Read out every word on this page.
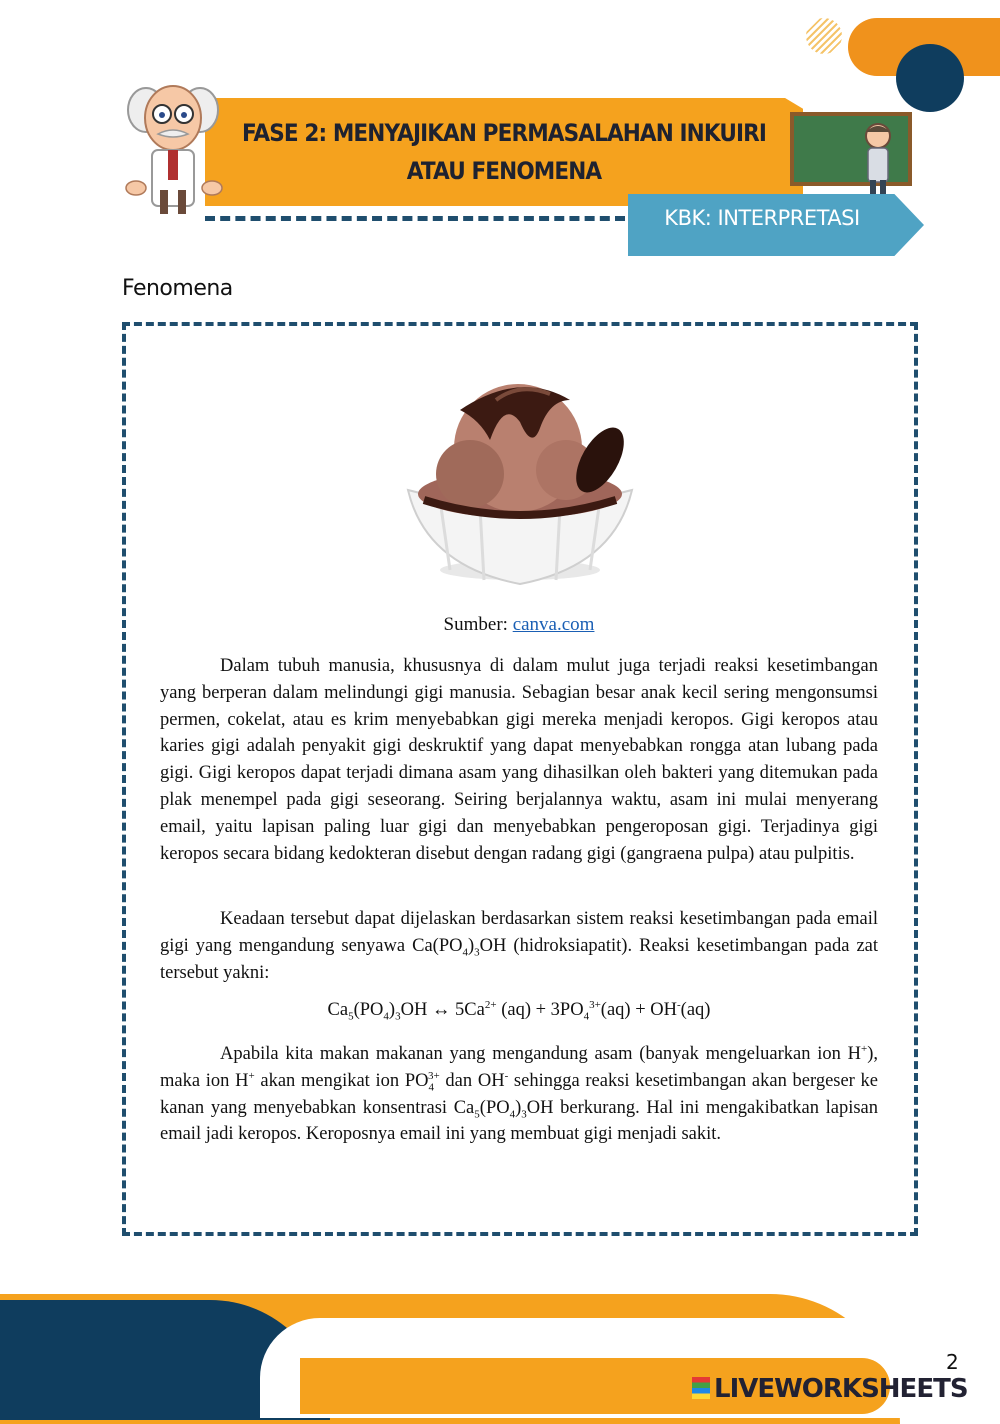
FASE 2: MENYAJIKAN PERMASALAHAN INKUIRI
ATAU FENOMENA
KBK: INTERPRETASI
Fenomena
Sumber: canva.com

Dalam tubuh manusia, khususnya di dalam mulut juga terjadi reaksi kesetimbangan yang berperan dalam melindungi gigi manusia. Sebagian besar anak kecil sering mengonsumsi permen, cokelat, atau es krim menyebabkan gigi mereka menjadi keropos. Gigi keropos atau karies gigi adalah penyakit gigi deskruktif yang dapat menyebabkan rongga atan lubang pada gigi. Gigi keropos dapat terjadi dimana asam yang dihasilkan oleh bakteri yang ditemukan pada plak menempel pada gigi seseorang. Seiring berjalannya waktu, asam ini mulai menyerang email, yaitu lapisan paling luar gigi dan menyebabkan pengeroposan gigi. Terjadinya gigi keropos secara bidang kedokteran disebut dengan radang gigi (gangraena pulpa) atau pulpitis.

Keadaan tersebut dapat dijelaskan berdasarkan sistem reaksi kesetimbangan pada email gigi yang mengandung senyawa $Ca(PO_4)_3OH$ (hidroksiapatit). Reaksi kesetimbangan pada zat tersebut yakni:

$Ca_5(PO_4)_3OH$ ↔ $5Ca^{2+}$ $(aq) + 3PO_4^{3+}(aq) + OH^-(aq)$

Apabila kita makan makanan yang mengandung asam (banyak mengeluarkan ion H+), maka ion H+ akan mengikat ion $PO_4^{3+}$ dan OH- sehingga reaksi kesetimbangan akan bergeser ke kanan yang menyebabkan konsentrasi $Ca_5(PO_4)_3OH$ berkurang. Hal ini mengakibatkan lapisan email jadi keropos. Keroposnya email ini yang membuat gigi menjadi sakit.

2
LIVEWORKSHEETS
